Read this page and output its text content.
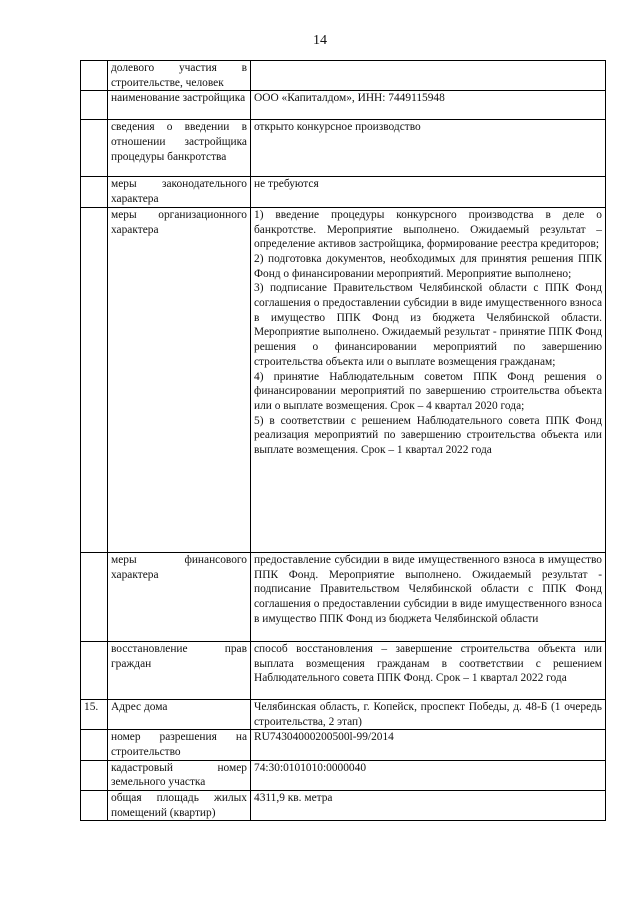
14
	долевого участия в строительстве, человек	
	наименование застройщика	ООО «Капиталдом», ИНН: 7449115948
	сведения о введении в отношении застройщика процедуры банкротства	открыто конкурсное производство
	меры законодательного характера	не требуются
	меры организационного характера	1) введение процедуры конкурсного производства в деле о банкротстве. Мероприятие выполнено. Ожидаемый результат – определение активов застройщика, формирование реестра кредиторов;

2) подготовка документов, необходимых для принятия решения ППК Фонд о финансировании мероприятий. Мероприятие выполнено;

3) подписание Правительством Челябинской области с ППК Фонд соглашения о предоставлении субсидии в виде имущественного взноса в имущество ППК Фонд из бюджета Челябинской области. Мероприятие выполнено. Ожидаемый результат - принятие ППК Фонд решения о финансировании мероприятий по завершению строительства объекта или о выплате возмещения гражданам;

4) принятие Наблюдательным советом ППК Фонд решения о финансировании мероприятий по завершению строительства объекта или о выплате возмещения. Срок – 4 квартал 2020 года;

5) в соответствии с решением Наблюдательного совета ППК Фонд реализация мероприятий по завершению строительства объекта или выплате возмещения. Срок – 1 квартал 2022 года

	меры финансового характера	предоставление субсидии в виде имущественного взноса в имущество ППК Фонд. Мероприятие выполнено. Ожидаемый результат - подписание Правительством Челябинской области с ППК Фонд соглашения о предоставлении субсидии в виде имущественного взноса в имущество ППК Фонд из бюджета Челябинской области
	восстановление прав граждан	способ восстановления – завершение строительства объекта или выплата возмещения гражданам в соответствии с решением Наблюдательного совета ППК Фонд. Срок – 1 квартал 2022 года
15.	Адрес дома	Челябинская область, г. Копейск, проспект Победы, д. 48-Б (1 очередь строительства, 2 этап)
	номер разрешения на строительство	RU74304000200500l-99/2014
	кадастровый номер земельного участка	74:30:0101010:0000040
	общая площадь жилых помещений (квартир)	4311,9 кв. метра
